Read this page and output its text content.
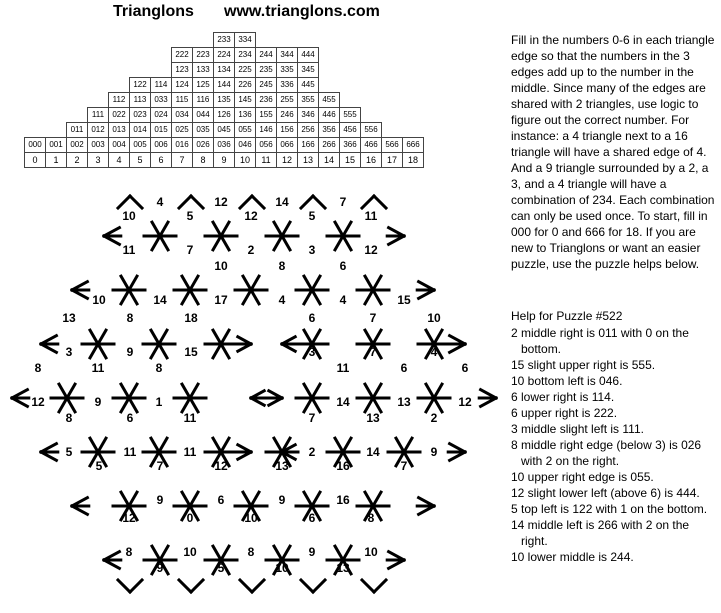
Trianglons www.trianglons.com
									233	334								
							222	223	224	234	244	344	444					
							123	133	134	225	235	335	345					
					122	114	124	125	144	226	245	336	445					
				112	113	033	115	116	135	145	236	255	355	455				
			111	022	023	024	034	044	126	136	155	246	346	446	555			
		011	012	013	014	015	025	035	045	055	146	156	256	356	456	556		
000	001	002	003	004	005	006	016	026	036	046	056	066	166	266	366	466	566	666
0	1	2	3	4	5	6	7	8	9	10	11	12	13	14	15	16	17	18
4	12	14	7
10	5	12	5	11
11	7	2	3	12
10	8	6
10	14	17	4	4	15
13	8	18	6	7	10
3	9	15	3	7	4
8	11	8	11	6	6
12	9	1	14	13	12
8	6	11	7	13	2
5	11	11	2	14	9
5	7	12	13	16	7
9	6	9	16
12	0	10	6	8
8	10	8	9	10
9	5	10	13

Fill in the numbers 0-6 in each triangle edge so that the numbers in the 3 edges add up to the number in the middle. Since many of the edges are shared with 2 triangles, use logic to figure out the correct number. For instance: a 4 triangle next to a 16 triangle will have a shared edge of 4. And a 9 triangle surrounded by a 2, a 3, and a 4 triangle will have a combination of 234. Each combination can only be used once. To start, fill in 000 for 0 and 666 for 18. If you are new to Trianglons or want an easier puzzle, use the puzzle helps below.

Help for Puzzle #522

2 middle right is 011 with 0 on the bottom.
15 slight upper right is 555.
10 bottom left is 046.
6 lower right is 114.
6 upper right is 222.
3 middle slight left is 111.
8 middle right edge (below 3) is 026 with 2 on the right.
10 upper right edge is 055.
12 slight lower left (above 6) is 444.
5 top left is 122 with 1 on the bottom.
14 middle left is 266 with 2 on the right.
10 lower middle is 244.
